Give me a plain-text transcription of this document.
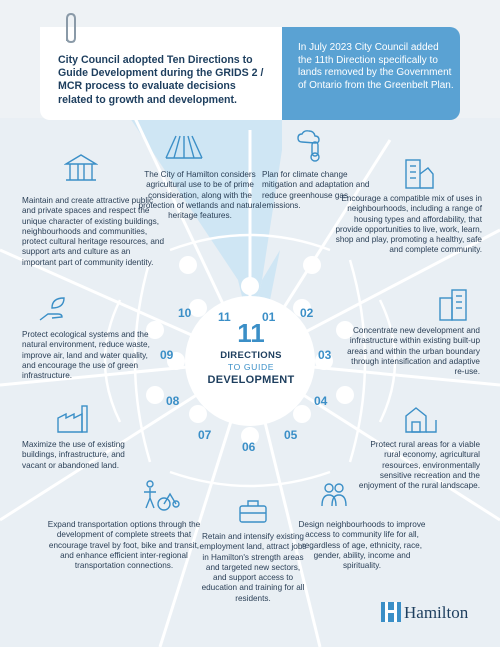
City Council adopted Ten Directions to Guide Development during the GRIDS 2 / MCR process to evaluate decisions related to growth and development.
In July 2023 City Council added the 11th Direction specifically to lands removed by the Government of Ontario from the Greenbelt Plan.
11
DIRECTIONS
TO GUIDE
DEVELOPMENT
11	01 02
03
04
05
06
07
08
09
10
The City of Hamilton considers agricultural use to be of prime consideration, along with the protection of wetlands and natural heritage features.
Plan for climate change mitigation and adaptation and reduce greenhouse gas emissions.
Encourage a compatible mix of uses in neighbourhoods, including a range of housing types and affordability, that provide opportunities to live, work, learn, shop and play, promoting a healthy, safe and complete community.
Concentrate new development and infrastructure within existing built-up areas and within the urban boundary through intensification and adaptive re-use.
Protect rural areas for a viable rural economy, agricultural resources, environmentally sensitive recreation and the enjoyment of the rural landscape.
Design neighbourhoods to improve access to community life for all, regardless of age, ethnicity, race, gender, ability, income and spirituality.
Retain and intensify existing employment land, attract jobs in Hamilton's strength areas and targeted new sectors, and support access to education and training for all residents.
Expand transportation options through the development of complete streets that encourage travel by foot, bike and transit, and enhance efficient inter-regional transportation connections.
Maximize the use of existing buildings, infrastructure, and vacant or abandoned land.
Protect ecological systems and the natural environment, reduce waste, improve air, land and water quality, and encourage the use of green infrastructure.
Maintain and create attractive public and private spaces and respect the unique character of existing buildings, neighbourhoods and communities, protect cultural heritage resources, and support arts and culture as an important part of community identity.
Hamilton
